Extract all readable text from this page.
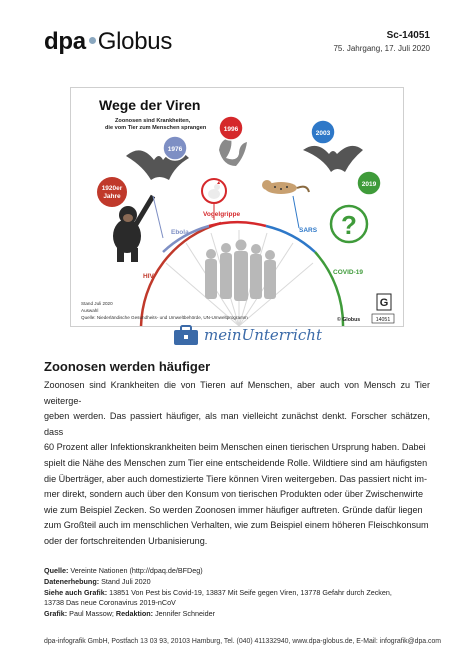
dpa Globus	Sc-14051
75. Jahrgang, 17. Juli 2020
Wege der Viren
Zoonosen sind Krankheiten,
die vom Tier zum Menschen sprangen
1920er
Jahre
1976
1996
2003
2019
?
HIV
Ebola
Vogelgrippe
SARS
COVID-19
Stand Juli 2020
Auswahl
Quelle: Niederländische Gesundheits- und Umweltbehörde, UN-Umweltprogramm
G
© Globus	14051
meinUnterricht
Zoonosen werden häufiger
Zoonosen sind Krankheiten die von Tieren auf Menschen, aber auch von Mensch zu Tier weiterge-
geben werden. Das passiert häufiger, als man vielleicht zunächst denkt. Forscher schätzen, dass
60 Prozent aller Infektionskrankheiten beim Menschen einen tierischen Ursprung haben. Dabei
spielt die Nähe des Menschen zum Tier eine entscheidende Rolle. Wildtiere sind am häufigsten
die Überträger, aber auch domestizierte Tiere können Viren weitergeben. Das passiert nicht im-
mer direkt, sondern auch über den Konsum von tierischen Produkten oder über Zwischenwirte
wie zum Beispiel Zecken. So werden Zoonosen immer häufiger auftreten. Gründe dafür liegen
zum Großteil auch im menschlichen Verhalten, wie zum Beispiel einem höheren Fleischkonsum
oder der fortschreitenden Urbanisierung.
Quelle: Vereinte Nationen (http://dpaq.de/BFDeg)
Datenerhebung: Stand Juli 2020
Siehe auch Grafik: 13851 Von Pest bis Covid-19, 13837 Mit Seife gegen Viren, 13778 Gefahr durch Zecken,
13738 Das neue Coronavirus 2019-nCoV
Grafik: Paul Massow; Redaktion: Jennifer Schneider
dpa-infografik GmbH, Postfach 13 03 93, 20103 Hamburg, Tel. (040) 411332940, www.dpa-globus.de, E-Mail: infografik@dpa.com
